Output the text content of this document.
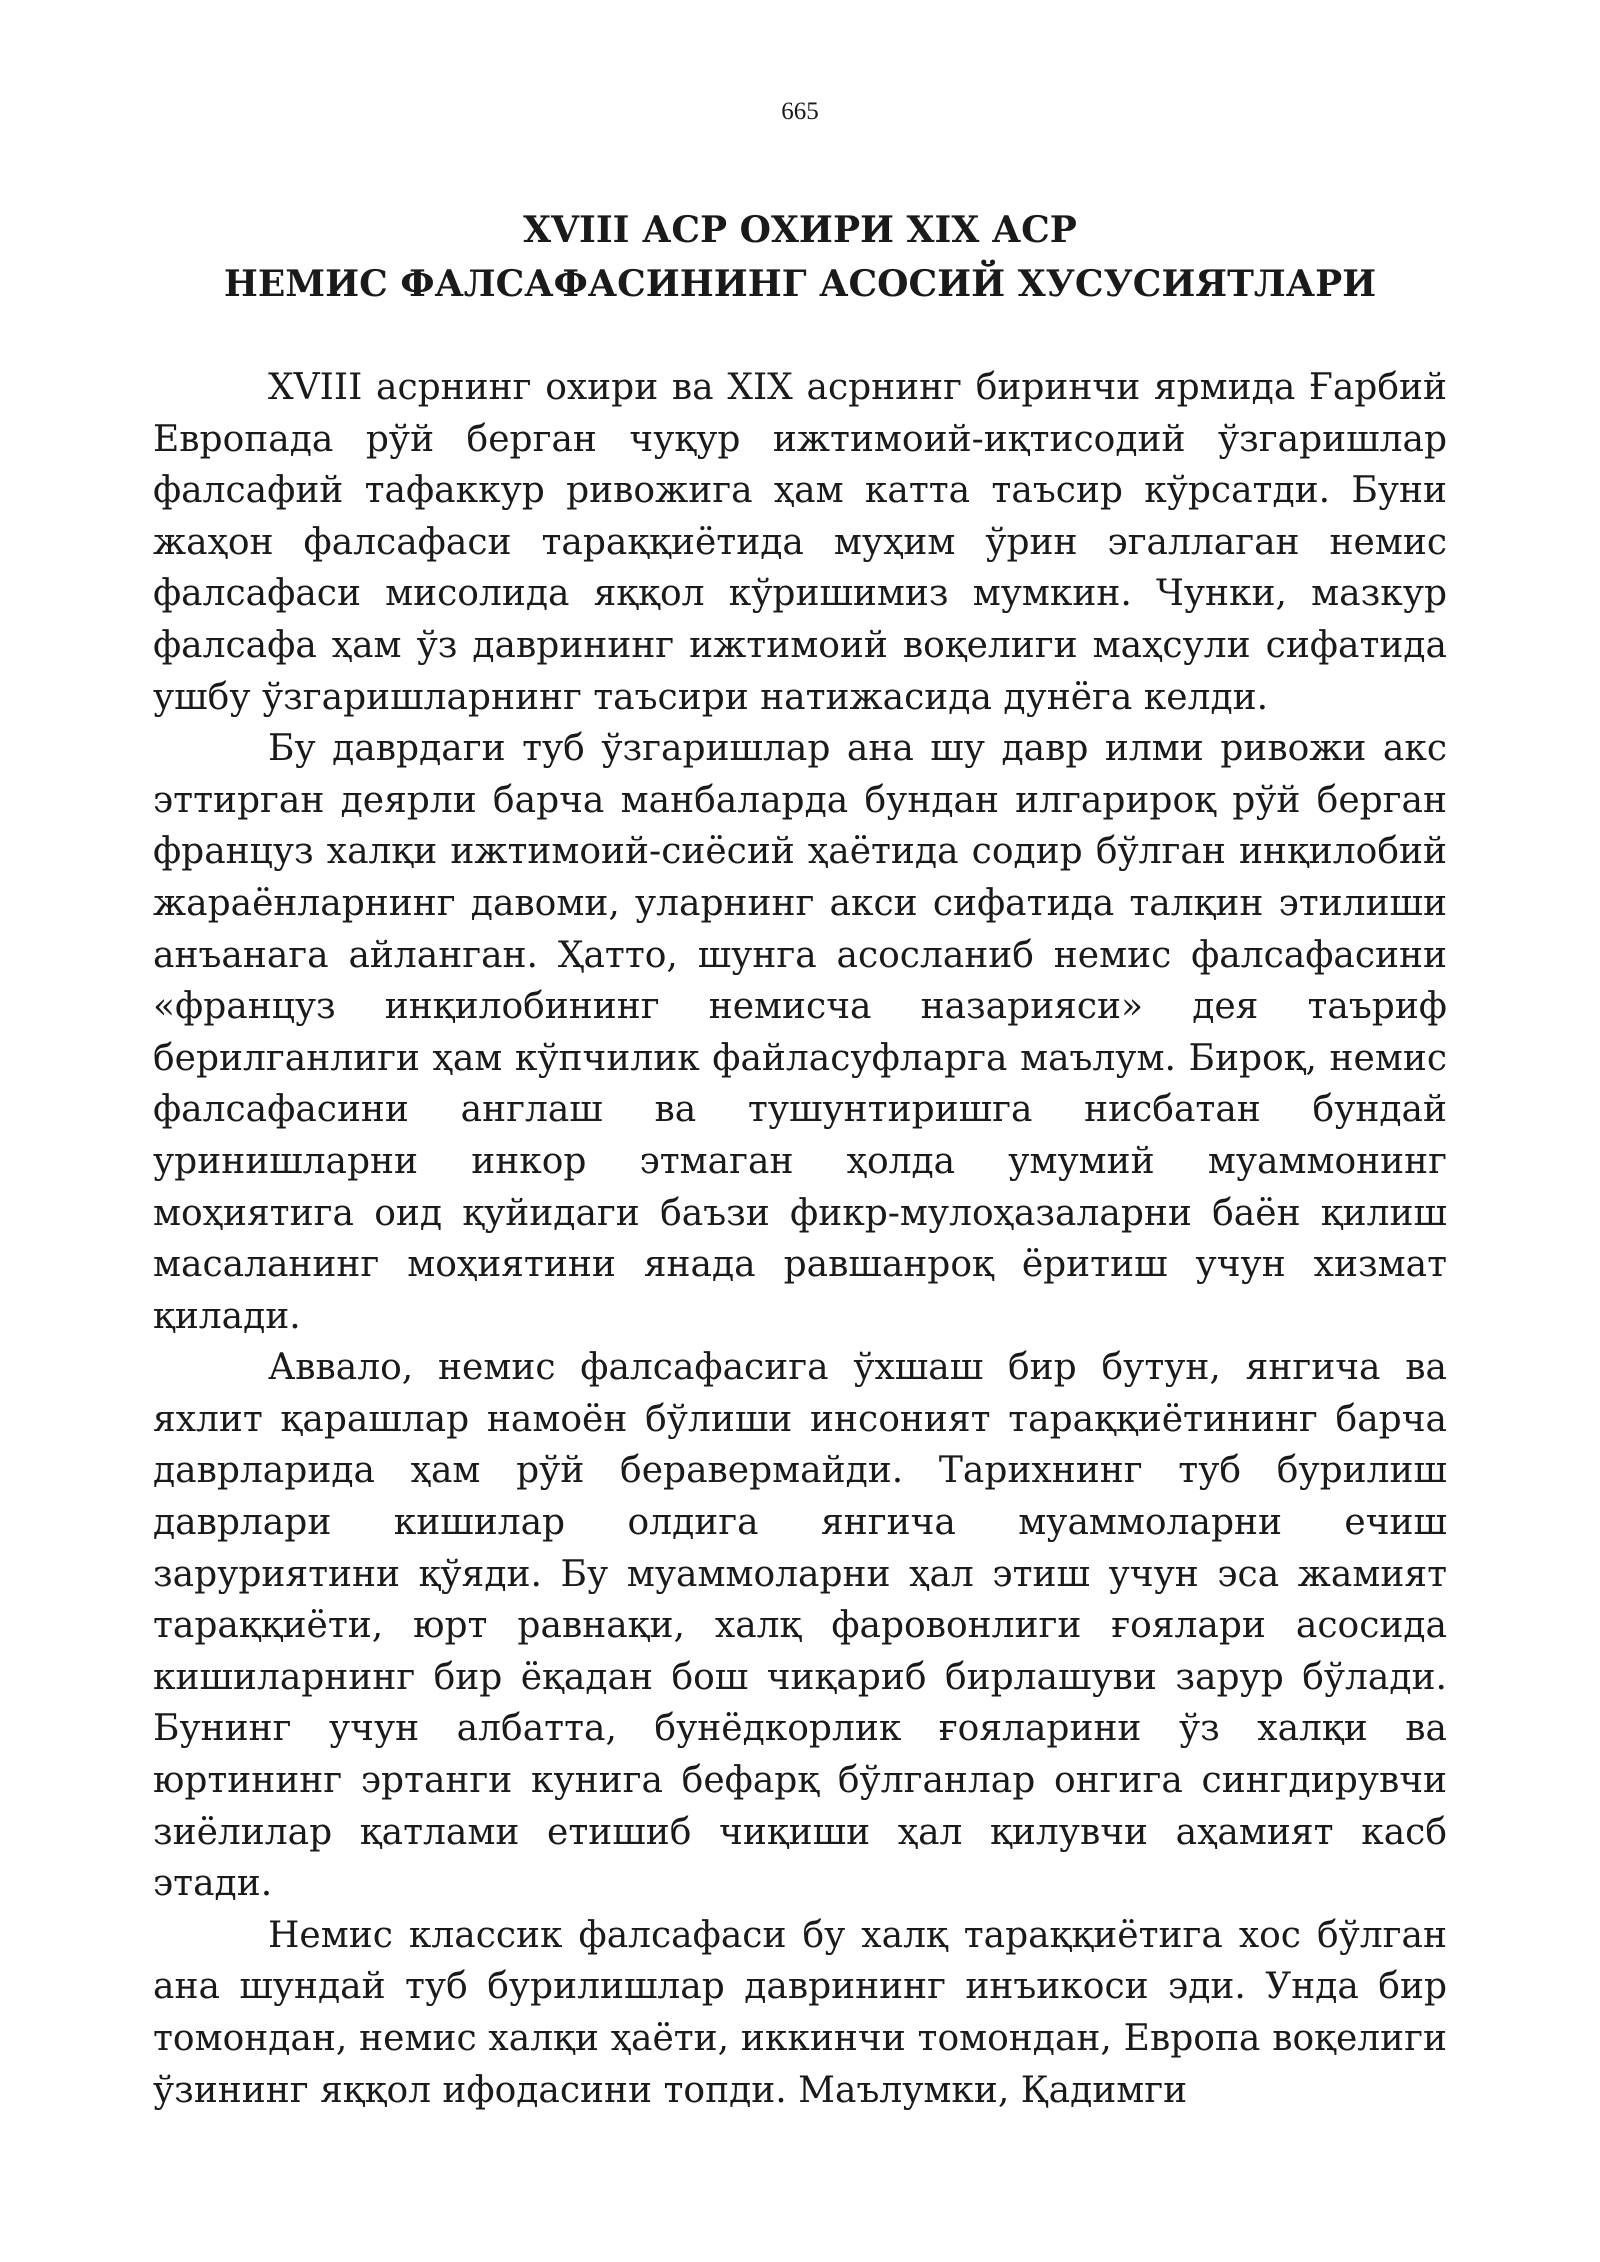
665
XVIII АСР ОХИРИ XIX АСР
НЕМИС ФАЛСАФАСИНИНГ АСОСИЙ ХУСУСИЯТЛАРИ

XVIII асрнинг охири ва XIX асрнинг биринчи ярмида Ғарбий Европада рўй берган чуқур ижтимоий-иқтисодий ўзгаришлар фалсафий тафаккур ривожига ҳам катта таъсир кўрсатди. Буни жаҳон фалсафаси тараққиётида муҳим ўрин эгаллаган немис фалсафаси мисолида яққол кўришимиз мумкин. Чунки, мазкур фалсафа ҳам ўз даврининг ижтимоий воқелиги маҳсули сифатида ушбу ўзгаришларнинг таъсири натижасида дунёга келди.

Бу даврдаги туб ўзгаришлар ана шу давр илми ривожи акс эттирган деярли барча манбаларда бундан илгарироқ рўй берган француз халқи ижтимоий-сиёсий ҳаётида содир бўлган инқилобий жараёнларнинг давоми, уларнинг акси сифатида талқин этилиши анъанага айланган. Ҳатто, шунга асосланиб немис фалсафасини «француз инқилобининг немисча назарияси» дея таъриф берилганлиги ҳам кўпчилик файласуфларга маълум. Бироқ, немис фалсафасини англаш ва тушунтиришга нисбатан бундай уринишларни инкор этмаган ҳолда умумий муаммонинг моҳиятига оид қуйидаги баъзи фикр-мулоҳазаларни баён қилиш масаланинг моҳиятини янада равшанроқ ёритиш учун хизмат қилади.

Аввало, немис фалсафасига ўхшаш бир бутун, янгича ва яхлит қарашлар намоён бўлиши инсоният тараққиётининг барча даврларида ҳам рўй беравермайди. Тарихнинг туб бурилиш даврлари кишилар олдига янгича муаммоларни ечиш заруриятини қўяди. Бу муаммоларни ҳал этиш учун эса жамият тараққиёти, юрт равнақи, халқ фаровонлиги ғоялари асосида кишиларнинг бир ёқадан бош чиқариб бирлашуви зарур бўлади. Бунинг учун албатта, бунёдкорлик ғояларини ўз халқи ва юртининг эртанги кунига бефарқ бўлганлар онгига сингдирувчи зиёлилар қатлами етишиб чиқиши ҳал қилувчи аҳамият касб этади.

Немис классик фалсафаси бу халқ тараққиётига хос бўлган ана шундай туб бурилишлар даврининг инъикоси эди. Унда бир томондан, немис халқи ҳаёти, иккинчи томондан, Европа воқелиги ўзининг яққол ифодасини топди. Маълумки, Қадимги
